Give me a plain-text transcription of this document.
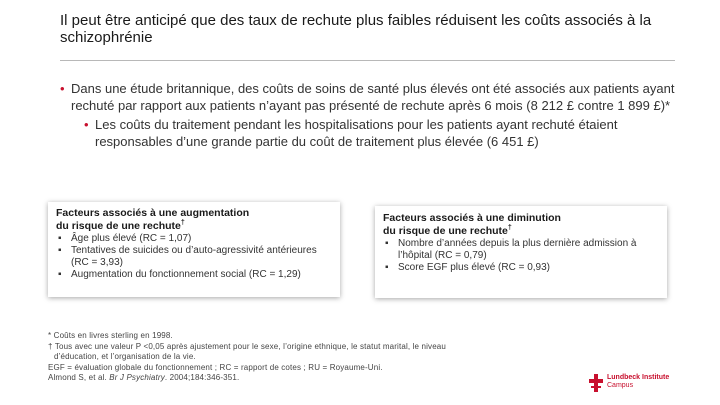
Il peut être anticipé que des taux de rechute plus faibles réduisent les coûts associés à la schizophrénie
• Dans une étude britannique, des coûts de soins de santé plus élevés ont été associés aux patients ayant rechuté par rapport aux patients n’ayant pas présenté de rechute après 6 mois (8 212 £ contre 1 899 £)*
• Les coûts du traitement pendant les hospitalisations pour les patients ayant rechuté étaient responsables d’une grande partie du coût de traitement plus élevée (6 451 £)
Facteurs associés à une augmentation
du risque de une rechute†
▪ Âge plus élevé (RC = 1,07)
▪ Tentatives de suicides ou d’auto-agressivité antérieures (RC = 3,93)
▪ Augmentation du fonctionnement social (RC = 1,29)
Facteurs associés à une diminution
du risque de une rechute†
▪ Nombre d’années depuis la plus dernière admission à l’hôpital (RC = 0,79)
▪ Score EGF plus élevé (RC = 0,93)
* Coûts en livres sterling en 1998.
† Tous avec une valeur P <0,05 après ajustement pour le sexe, l’origine ethnique, le statut marital, le niveau d’éducation, et l’organisation de la vie.
EGF = évaluation globale du fonctionnement ; RC = rapport de cotes ; RU = Royaume-Uni.
Almond S, et al. Br J Psychiatry. 2004;184:346-351.	Lundbeck Institute
Campus
